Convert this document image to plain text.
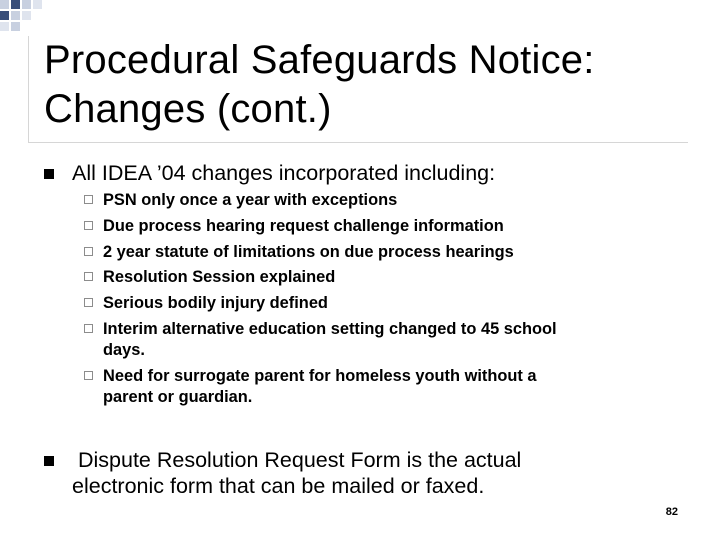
Procedural Safeguards Notice:
Changes (cont.)
All IDEA ’04 changes incorporated including:
PSN only once a year with exceptions
Due process hearing request challenge information
2 year statute of limitations on due process hearings
Resolution Session explained
Serious bodily injury defined
Interim alternative education setting changed to 45 school
days.
Need for surrogate parent for homeless youth without a
parent or guardian.
Dispute Resolution Request Form is the actual
electronic form that can be mailed or faxed.
82
